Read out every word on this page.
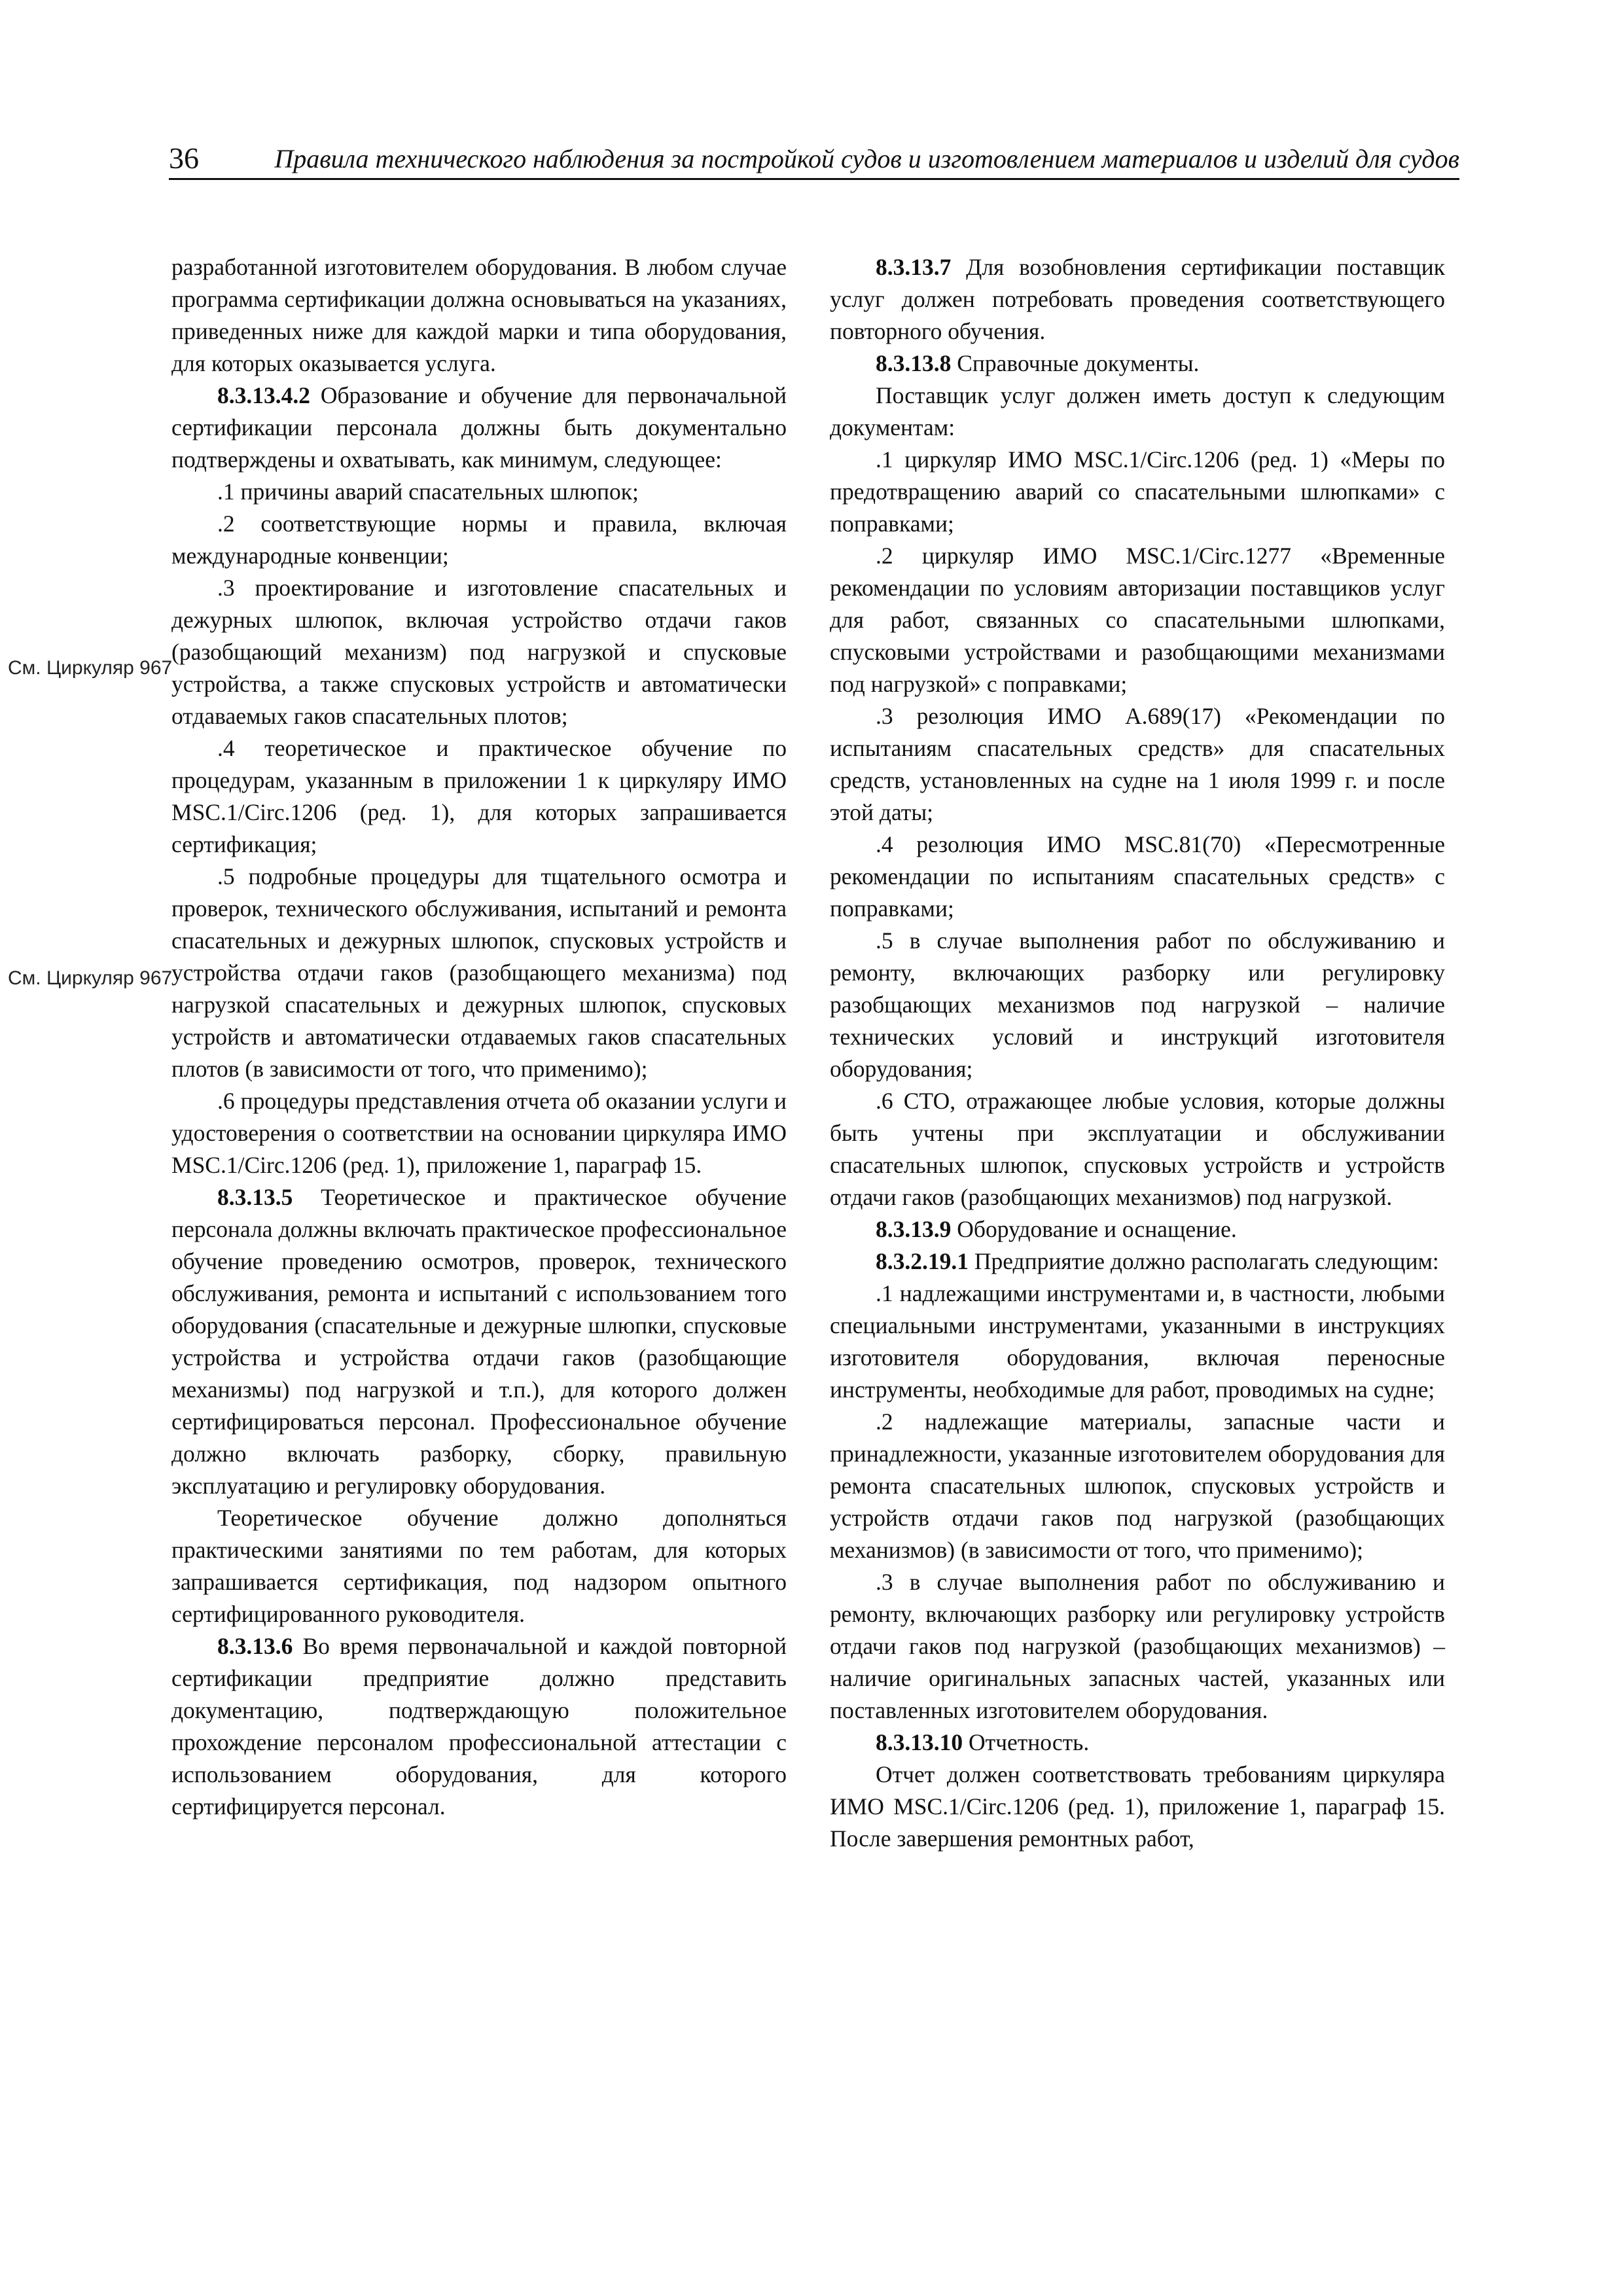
36	Правила технического наблюдения за постройкой судов и изготовлением материалов и изделий для судов
См. Циркуляр 967
См. Циркуляр 967

разработанной изготовителем оборудования. В любом случае программа сертификации должна основываться на указаниях, приведенных ниже для каждой марки и типа оборудования, для которых оказывается услуга.

8.3.13.4.2 Образование и обучение для первоначальной сертификации персонала должны быть документально подтверждены и охватывать, как минимум, следующее:

.1 причины аварий спасательных шлюпок;

.2 соответствующие нормы и правила, включая международные конвенции;

.3 проектирование и изготовление спасательных и дежурных шлюпок, включая устройство отдачи гаков (разобщающий механизм) под нагрузкой и спусковые устройства, а также спусковых устройств и автоматически отдаваемых гаков спасательных плотов;

.4 теоретическое и практическое обучение по процедурам, указанным в приложении 1 к циркуляру ИМО MSC.1/Circ.1206 (ред. 1), для которых запрашивается сертификация;

.5 подробные процедуры для тщательного осмотра и проверок, технического обслуживания, испытаний и ремонта спасательных и дежурных шлюпок, спусковых устройств и устройства отдачи гаков (разобщающего механизма) под нагрузкой спасательных и дежурных шлюпок, спусковых устройств и автоматически отдаваемых гаков спасательных плотов (в зависимости от того, что применимо);

.6 процедуры представления отчета об оказании услуги и удостоверения о соответствии на основании циркуляра ИМО MSC.1/Circ.1206 (ред. 1), приложение 1, параграф 15.

8.3.13.5 Теоретическое и практическое обучение персонала должны включать практическое профессиональное обучение проведению осмотров, проверок, технического обслуживания, ремонта и испытаний с использованием того оборудования (спасательные и дежурные шлюпки, спусковые устройства и устройства отдачи гаков (разобщающие механизмы) под нагрузкой и т.п.), для которого должен сертифицироваться персонал. Профессиональное обучение должно включать разборку, сборку, правильную эксплуатацию и регулировку оборудования.

Теоретическое обучение должно дополняться практическими занятиями по тем работам, для которых запрашивается сертификация, под надзором опытного сертифицированного руководителя.

8.3.13.6 Во время первоначальной и каждой повторной сертификации предприятие должно представить документацию, подтверждающую положительное прохождение персоналом профессиональной аттестации с использованием оборудования, для которого сертифицируется персонал.

8.3.13.7 Для возобновления сертификации поставщик услуг должен потребовать проведения соответствующего повторного обучения.

8.3.13.8 Справочные документы.

Поставщик услуг должен иметь доступ к следующим документам:

.1 циркуляр ИМО MSC.1/Circ.1206 (ред. 1) «Меры по предотвращению аварий со спасательными шлюпками» с поправками;

.2 циркуляр ИМО MSC.1/Circ.1277 «Временные рекомендации по условиям авторизации поставщиков услуг для работ, связанных со спасательными шлюпками, спусковыми устройствами и разобщающими механизмами под нагрузкой» с поправками;

.3 резолюция ИМО A.689(17) «Рекомендации по испытаниям спасательных средств» для спасательных средств, установленных на судне на 1 июля 1999 г. и после этой даты;

.4 резолюция ИМО MSC.81(70) «Пересмотренные рекомендации по испытаниям спасательных средств» с поправками;

.5 в случае выполнения работ по обслуживанию и ремонту, включающих разборку или регулировку разобщающих механизмов под нагрузкой – наличие технических условий и инструкций изготовителя оборудования;

.6 СТО, отражающее любые условия, которые должны быть учтены при эксплуатации и обслуживании спасательных шлюпок, спусковых устройств и устройств отдачи гаков (разобщающих механизмов) под нагрузкой.

8.3.13.9 Оборудование и оснащение.

8.3.2.19.1 Предприятие должно располагать следующим:

.1 надлежащими инструментами и, в частности, любыми специальными инструментами, указанными в инструкциях изготовителя оборудования, включая переносные инструменты, необходимые для работ, проводимых на судне;

.2 надлежащие материалы, запасные части и принадлежности, указанные изготовителем оборудования для ремонта спасательных шлюпок, спусковых устройств и устройств отдачи гаков под нагрузкой (разобщающих механизмов) (в зависимости от того, что применимо);

.3 в случае выполнения работ по обслуживанию и ремонту, включающих разборку или регулировку устройств отдачи гаков под нагрузкой (разобщающих механизмов) – наличие оригинальных запасных частей, указанных или поставленных изготовителем оборудования.

8.3.13.10 Отчетность.

Отчет должен соответствовать требованиям циркуляра ИМО MSC.1/Circ.1206 (ред. 1), приложение 1, параграф 15. После завершения ремонтных работ,
